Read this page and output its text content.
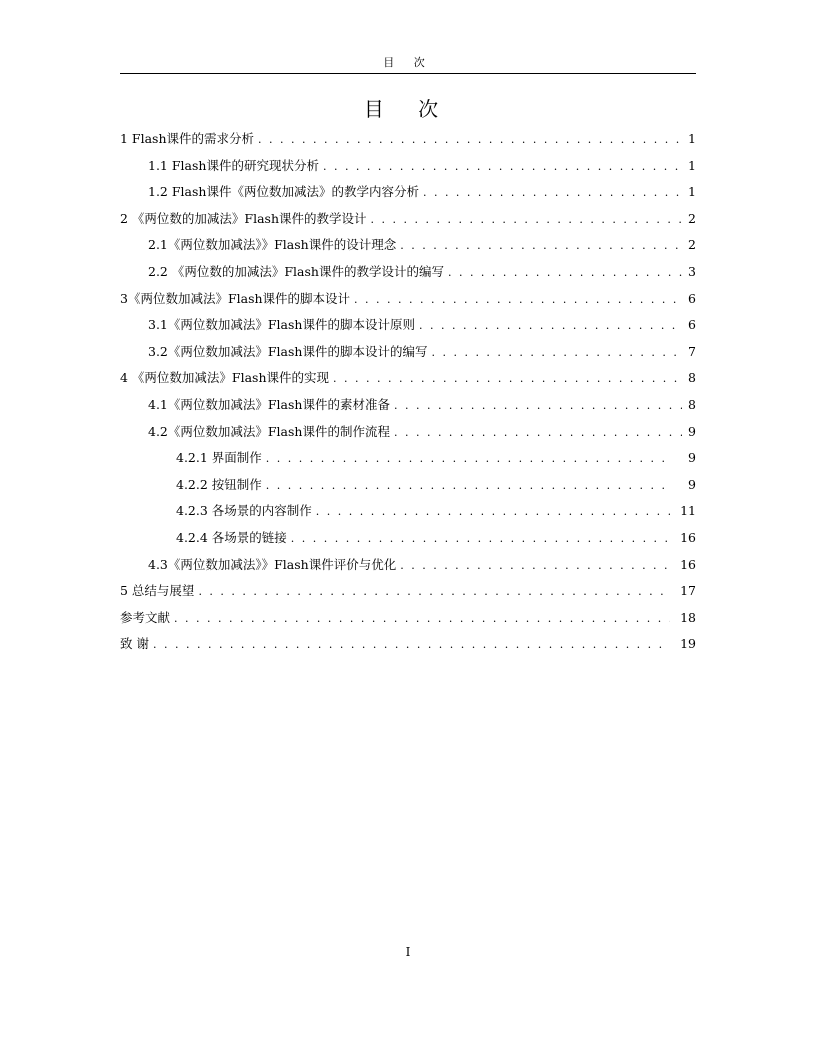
目 次
目 次
1 Flash课件的需求分析 . . .	1
1.1 Flash课件的研究现状分析 . . .	1
1.2 Flash课件《两位数加减法》的教学内容分析 . . .	1
2 《两位数的加减法》Flash课件的教学设计 . . .	2
2.1《两位数加减法》》Flash课件的设计理念 . . .	2
2.2 《两位数的加减法》Flash课件的教学设计的编写 . . .	3
3《两位数加减法》Flash课件的脚本设计 . . .	6
3.1《两位数加减法》Flash课件的脚本设计原则 . . .	6
3.2《两位数加减法》Flash课件的脚本设计的编写 . . .	7
4 《两位数加减法》Flash课件的实现 . . .	8
4.1《两位数加减法》Flash课件的素材准备 . . .	8
4.2《两位数加减法》Flash课件的制作流程 . . .	9
4.2.1 界面制作 . . .	9
4.2.2 按钮制作 . . .	9
4.2.3 各场景的内容制作 . . .	11
4.2.4 各场景的链接 . . .	16
4.3《两位数加减法》》Flash课件评价与优化 . . .	16
5 总结与展望 . . .	17
参考文献 . . .	18
致 谢 . . .	19
I
